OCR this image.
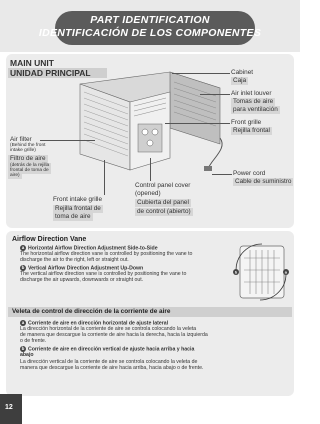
PART IDENTIFICATION
IDENTIFICACIÓN DE LOS COMPONENTES
MAIN UNIT
UNIDAD PRINCIPAL	Cabinet
Caja
Air inlet louver
Tomas de aire
para ventilación
Front grille
Rejilla frontal
Air filter
(Behind the front
intake grille)
Filtro de aire
(detrás de la rejilla
frontal de toma de
aire)	Power cord
Cable de suministro
Front intake grille
Rejilla frontal de
toma de aire
Control panel cover
(opened)
Cubierta del panel
de control (abierto)
Airflow Direction Vane
a Horizontal Airflow Direction Adjustment Side-to-Side
The horizontal airflow direction vane is controlled by positioning the vane to
discharge the air to the right, left or straight out.
b Vertical Airflow Direction Adjustment Up-Down
The vertical airflow direction vane is controlled by positioning the vane to
discharge the air upwards, downwards or straight out.
b	a
Veleta de control de dirección de la corriente de aire
a Corriente de aire en dirección horizontal de ajuste lateral
La dirección horizontal de la corriente de aire se controla colocando la veleta
de manera que descargue la corriente de aire hacia la derecha, hacia la izquierda
o de frente.
b Corriente de aire en dirección vertical de ajuste hacia arriba y hacia
abajo
La dirección vertical de la corriente de aire se controla colocando la veleta de
manera que descargue la corriente de aire hacia arriba, hacia abajo o de frente.
12
